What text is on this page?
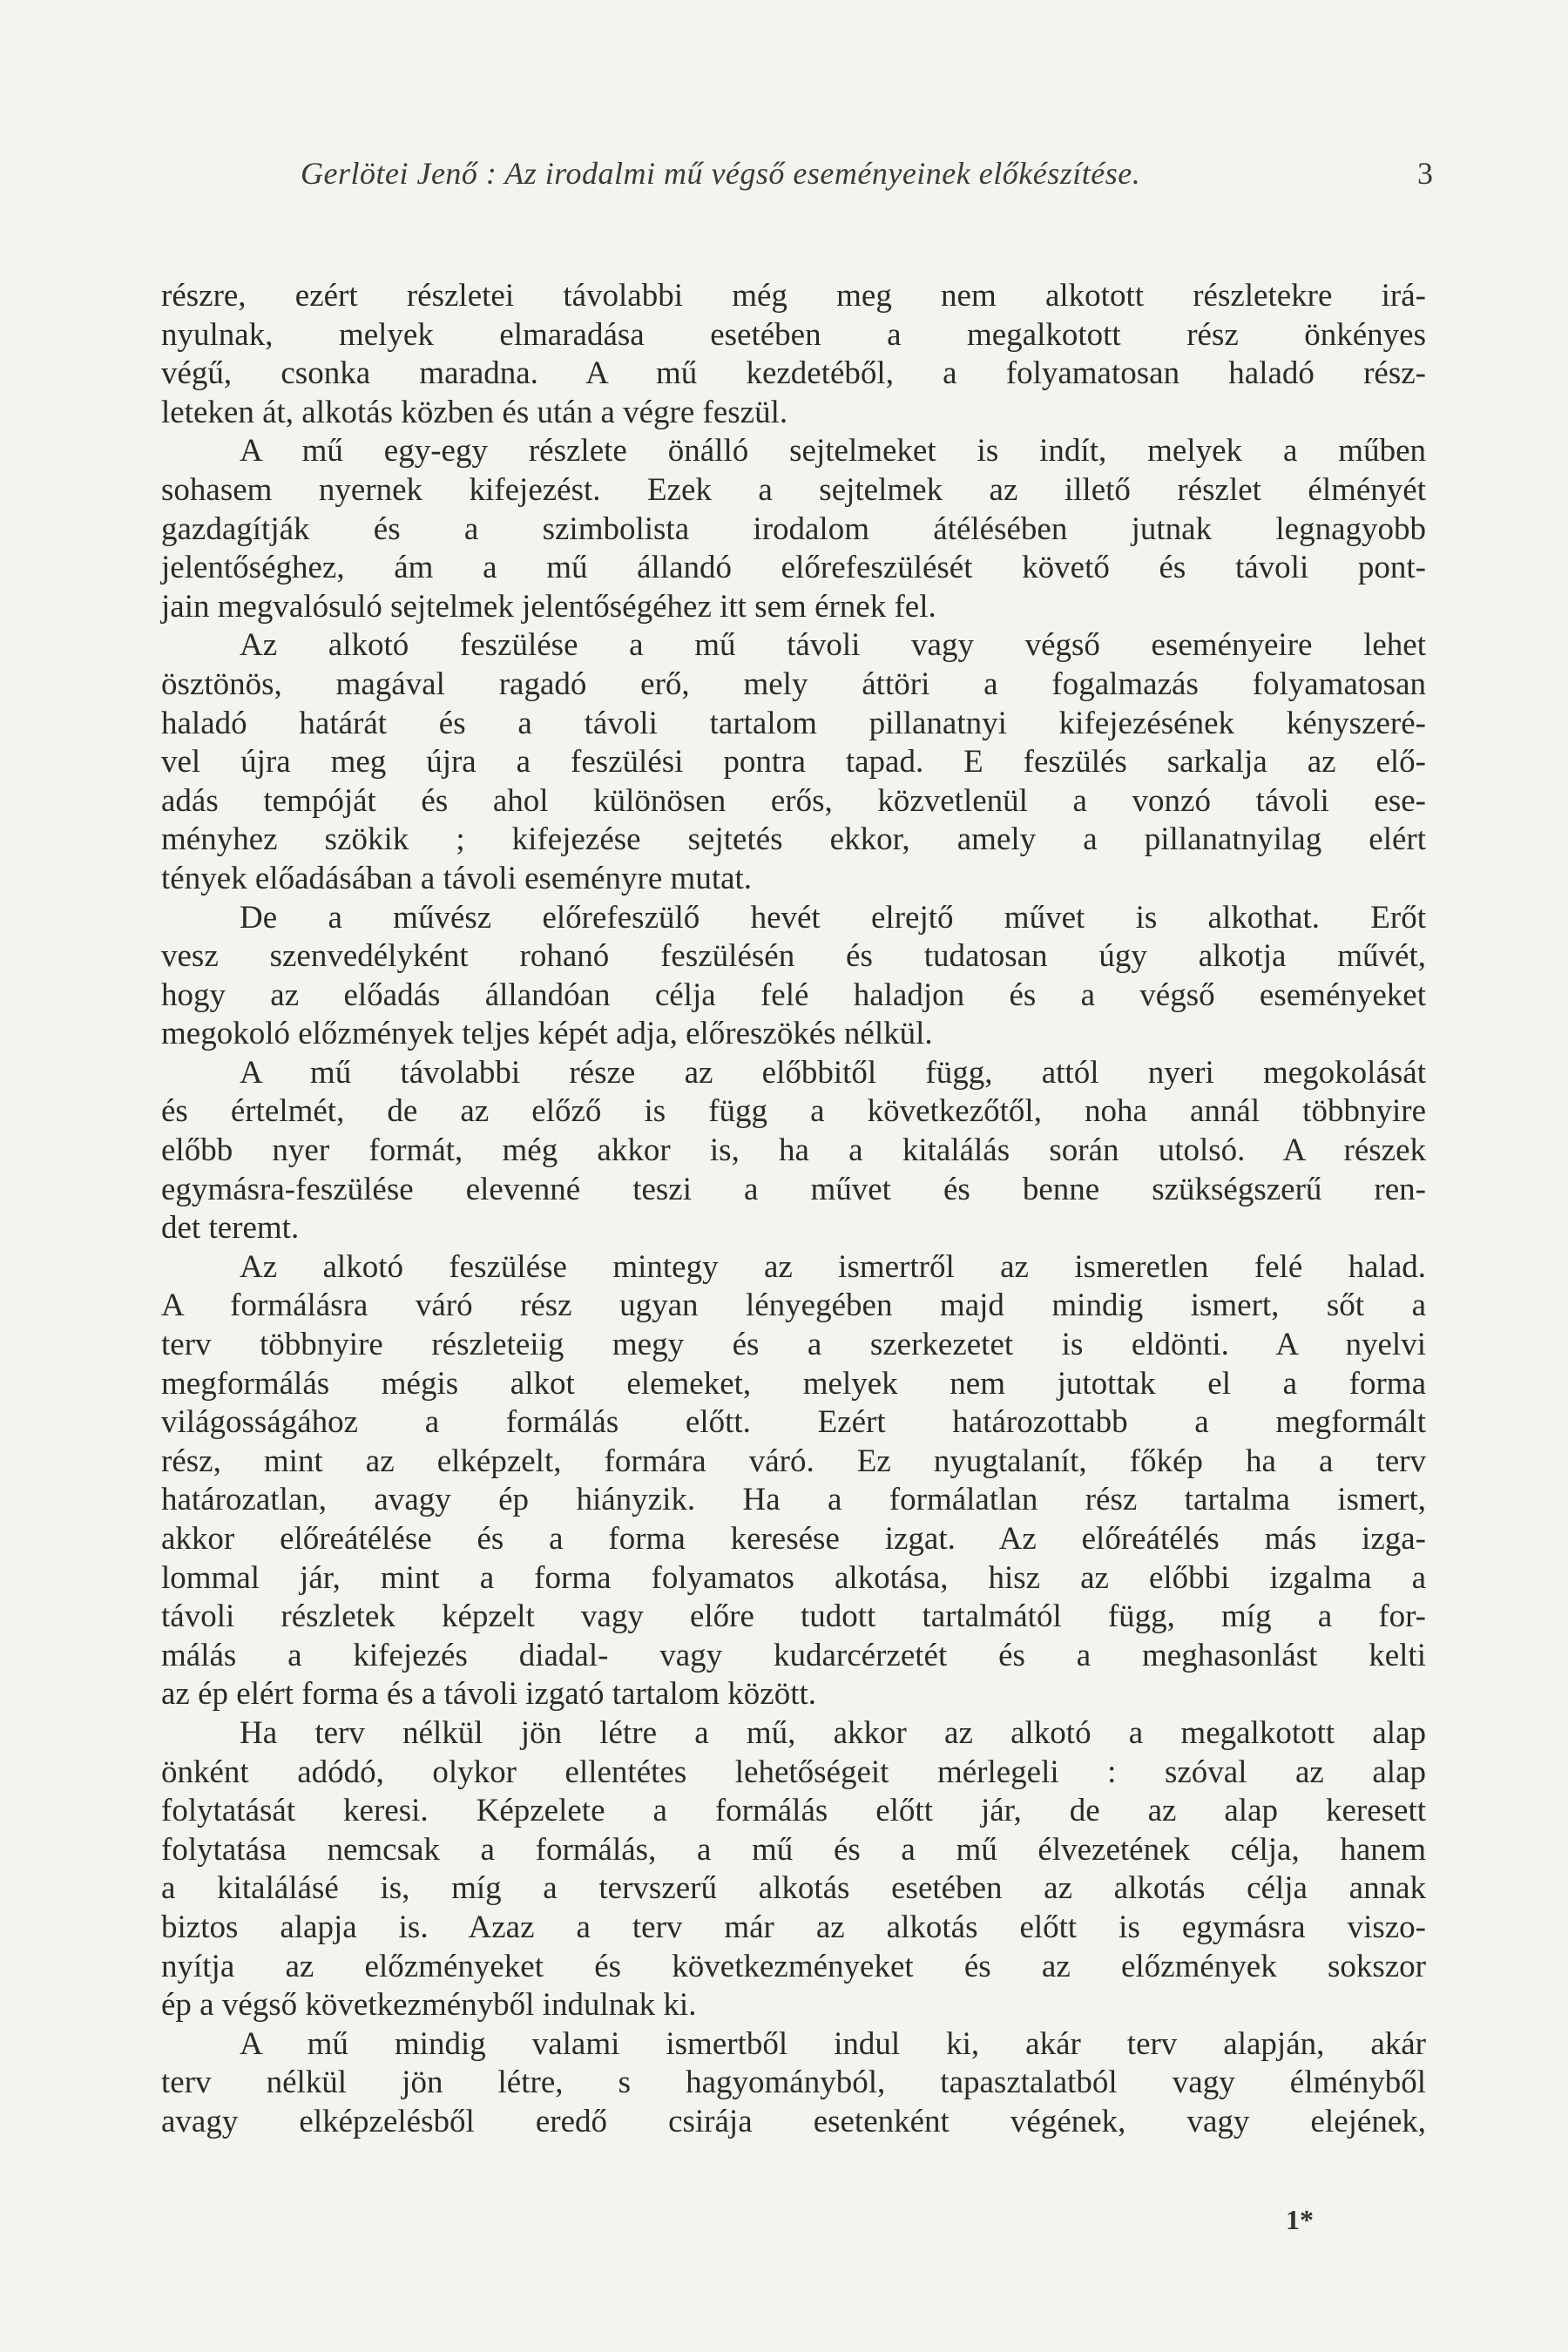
Gerlötei Jenő : Az irodalmi mű végső eseményeinek előkészítése.	3
részre, ezért részletei távolabbi még meg nem alkotott részletekre irá-
nyulnak, melyek elmaradása esetében a megalkotott rész önkényes
végű, csonka maradna. A mű kezdetéből, a folyamatosan haladó rész-
leteken át, alkotás közben és után a végre feszül.
A mű egy-egy részlete önálló sejtelmeket is indít, melyek a műben
sohasem nyernek kifejezést. Ezek a sejtelmek az illető részlet élményét
gazdagítják és a szimbolista irodalom átélésében jutnak legnagyobb
jelentőséghez, ám a mű állandó előrefeszülését követő és távoli pont-
jain megvalósuló sejtelmek jelentőségéhez itt sem érnek fel.
Az alkotó feszülése a mű távoli vagy végső eseményeire lehet
ösztönös, magával ragadó erő, mely áttöri a fogalmazás folyamatosan
haladó határát és a távoli tartalom pillanatnyi kifejezésének kényszeré-
vel újra meg újra a feszülési pontra tapad. E feszülés sarkalja az elő-
adás tempóját és ahol különösen erős, közvetlenül a vonzó távoli ese-
ményhez szökik ; kifejezése sejtetés ekkor, amely a pillanatnyilag elért
tények előadásában a távoli eseményre mutat.
De a művész előrefeszülő hevét elrejtő művet is alkothat. Erőt
vesz szenvedélyként rohanó feszülésén és tudatosan úgy alkotja művét,
hogy az előadás állandóan célja felé haladjon és a végső eseményeket
megokoló előzmények teljes képét adja, előreszökés nélkül.
A mű távolabbi része az előbbitől függ, attól nyeri megokolását
és értelmét, de az előző is függ a következőtől, noha annál többnyire
előbb nyer formát, még akkor is, ha a kitalálás során utolsó. A részek
egymásra-feszülése elevenné teszi a művet és benne szükségszerű ren-
det teremt.
Az alkotó feszülése mintegy az ismertről az ismeretlen felé halad.
A formálásra váró rész ugyan lényegében majd mindig ismert, sőt a
terv többnyire részleteiig megy és a szerkezetet is eldönti. A nyelvi
megformálás mégis alkot elemeket, melyek nem jutottak el a forma
világosságához a formálás előtt. Ezért határozottabb a megformált
rész, mint az elképzelt, formára váró. Ez nyugtalanít, főkép ha a terv
határozatlan, avagy ép hiányzik. Ha a formálatlan rész tartalma ismert,
akkor előreátélése és a forma keresése izgat. Az előreátélés más izga-
lommal jár, mint a forma folyamatos alkotása, hisz az előbbi izgalma a
távoli részletek képzelt vagy előre tudott tartalmától függ, míg a for-
málás a kifejezés diadal- vagy kudarcérzetét és a meghasonlást kelti
az ép elért forma és a távoli izgató tartalom között.
Ha terv nélkül jön létre a mű, akkor az alkotó a megalkotott alap
önként adódó, olykor ellentétes lehetőségeit mérlegeli : szóval az alap
folytatását keresi. Képzelete a formálás előtt jár, de az alap keresett
folytatása nemcsak a formálás, a mű és a mű élvezetének célja, hanem
a kitalálásé is, míg a tervszerű alkotás esetében az alkotás célja annak
biztos alapja is. Azaz a terv már az alkotás előtt is egymásra viszo-
nyítja az előzményeket és következményeket és az előzmények sokszor
ép a végső következményből indulnak ki.
A mű mindig valami ismertből indul ki, akár terv alapján, akár
terv nélkül jön létre, s hagyományból, tapasztalatból vagy élményből
avagy elképzelésből eredő csirája esetenként végének, vagy elejének,
1*
